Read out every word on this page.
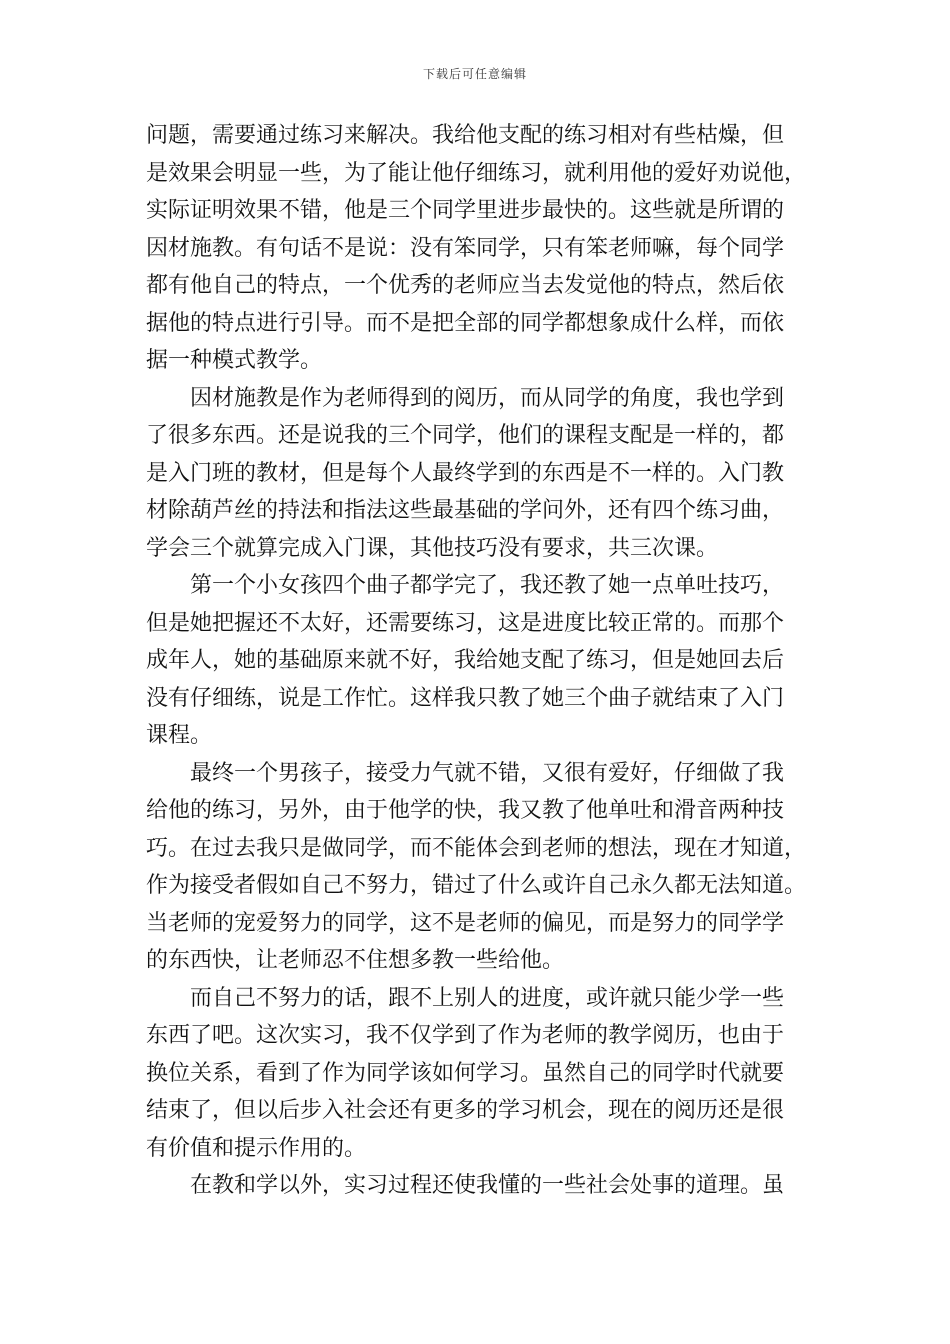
下载后可任意编辑
问题，需要通过练习来解决。我给他支配的练习相对有些枯燥，但
是效果会明显一些，为了能让他仔细练习，就利用他的爱好劝说他，
实际证明效果不错，他是三个同学里进步最快的。这些就是所谓的
因材施教。有句话不是说：没有笨同学，只有笨老师嘛，每个同学
都有他自己的特点，一个优秀的老师应当去发觉他的特点，然后依
据他的特点进行引导。而不是把全部的同学都想象成什么样，而依
据一种模式教学。
因材施教是作为老师得到的阅历，而从同学的角度，我也学到
了很多东西。还是说我的三个同学，他们的课程支配是一样的，都
是入门班的教材，但是每个人最终学到的东西是不一样的。入门教
材除葫芦丝的持法和指法这些最基础的学问外，还有四个练习曲，
学会三个就算完成入门课，其他技巧没有要求，共三次课。
第一个小女孩四个曲子都学完了，我还教了她一点单吐技巧，
但是她把握还不太好，还需要练习，这是进度比较正常的。而那个
成年人，她的基础原来就不好，我给她支配了练习，但是她回去后
没有仔细练，说是工作忙。这样我只教了她三个曲子就结束了入门
课程。
最终一个男孩子，接受力气就不错，又很有爱好，仔细做了我
给他的练习，另外，由于他学的快，我又教了他单吐和滑音两种技
巧。在过去我只是做同学，而不能体会到老师的想法，现在才知道，
作为接受者假如自己不努力，错过了什么或许自己永久都无法知道。
当老师的宠爱努力的同学，这不是老师的偏见，而是努力的同学学
的东西快，让老师忍不住想多教一些给他。
而自己不努力的话，跟不上别人的进度，或许就只能少学一些
东西了吧。这次实习，我不仅学到了作为老师的教学阅历，也由于
换位关系，看到了作为同学该如何学习。虽然自己的同学时代就要
结束了，但以后步入社会还有更多的学习机会，现在的阅历还是很
有价值和提示作用的。
在教和学以外，实习过程还使我懂的一些社会处事的道理。虽
